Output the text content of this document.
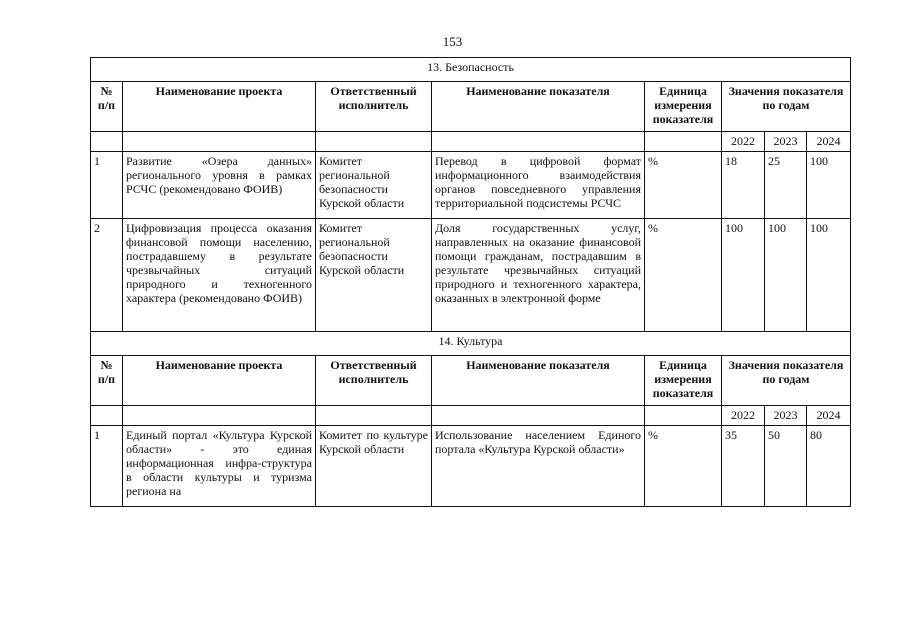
153
13. Безопасность							
№ п/п	Наименование проекта	Ответственный исполнитель	Наименование показателя	Единица измерения показателя	Значения показателя по годам		
					2022	2023	2024
1	Развитие «Озера данных» регионального уровня в рамках РСЧС (рекомендовано ФОИВ)	Комитет региональной безопасности Курской области	Перевод в цифровой формат информационного взаимодействия органов повседневного управления территориальной подсистемы РСЧС	%	18	25	100
2	Цифровизация процесса оказания финансовой помощи населению, пострадавшему в результате чрезвычайных ситуаций природного и техногенного характера (рекомендовано ФОИВ)	Комитет региональной безопасности Курской области	Доля государственных услуг, направленных на оказание финансовой помощи гражданам, пострадавшим в результате чрезвычайных ситуаций природного и техногенного характера, оказанных в электронной форме	%	100	100	100
14. Культура							
№ п/п	Наименование проекта	Ответственный исполнитель	Наименование показателя	Единица измерения показателя	Значения показателя по годам		
					2022	2023	2024
1	Единый портал «Культура Курской области» - это единая информационная инфра-структура в области культуры и туризма региона на	Комитет по культуре Курской области	Использование населением Единого портала «Культура Курской области»	%	35	50	80
